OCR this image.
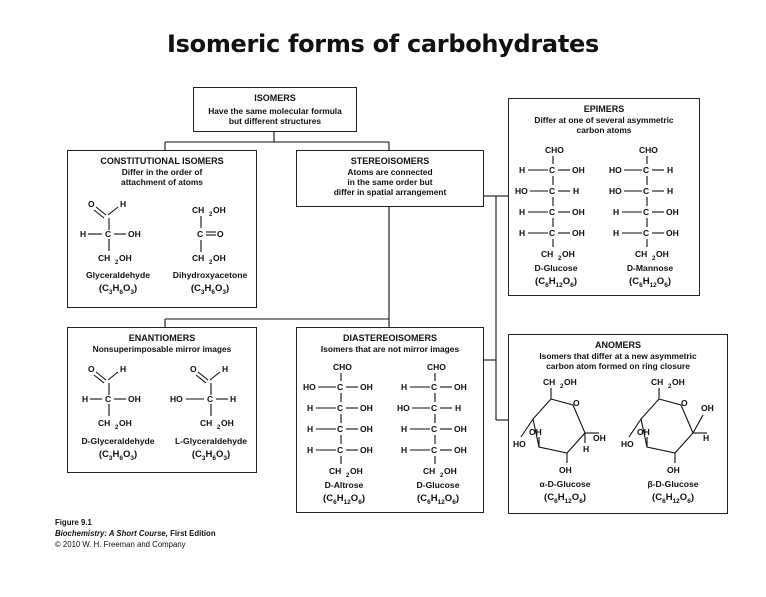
Isomeric forms of carbohydrates
ISOMERS
Have the same molecular formula
but different structures
CONSTITUTIONAL ISOMERS
Differ in the order of
attachment of atoms
O	H
H C OH
CH 2 OH
Glyceraldehyde
$(C_3H_6O_3)$
CH 2 OH
C O
CH 2 OH
Dihydroxyacetone
$(C_3H_6O_3)$
STEREOISOMERS
Atoms are connected
in the same order but
differ in spatial arrangement
EPIMERS
Differ at one of several asymmetric
carbon atoms
CHO
H	C OH
HO	C H
H	C OH
H	C OH
CH 2 OH
D-Glucose
$(C_6H_{12}O_6)$
CHO
HO	C H
HO	C H
H	C OH
H	C OH
CH 2 OH
D-Mannose
$(C_6H_{12}O_6)$
ENANTIOMERS
Nonsuperimposable mirror images
O	H
H C OH
CH 2 OH
D-Glyceraldehyde
$(C_3H_6O_3)$
O	H
HO	C H
CH 2 OH
L-Glyceraldehyde
$(C_3H_6O_3)$
DIASTEREOISOMERS
Isomers that are not mirror images
CHO
HO	C OH
H	C OH
H	C OH
H	C OH
CH 2 OH
D-Altrose
$(C_6H_{12}O_6)$
CHO
H	C OH
HO	C H
H	C OH
H	C OH
CH 2 OH
D-Glucose
$(C_6H_{12}O_6)$
ANOMERS
Isomers that differ at a new asymmetric
carbon atom formed on ring closure
CH 2 OH
O
H
OH
OH
OH
HO
α-D-Glucose
$(C_6H_{12}O_6)$
CH 2 OH
O OH
H
OH
OH
HO
β-D-Glucose
$(C_6H_{12}O_6)$
Figure 9.1
Biochemistry: A Short Course, First Edition
© 2010 W. H. Freeman and Company
